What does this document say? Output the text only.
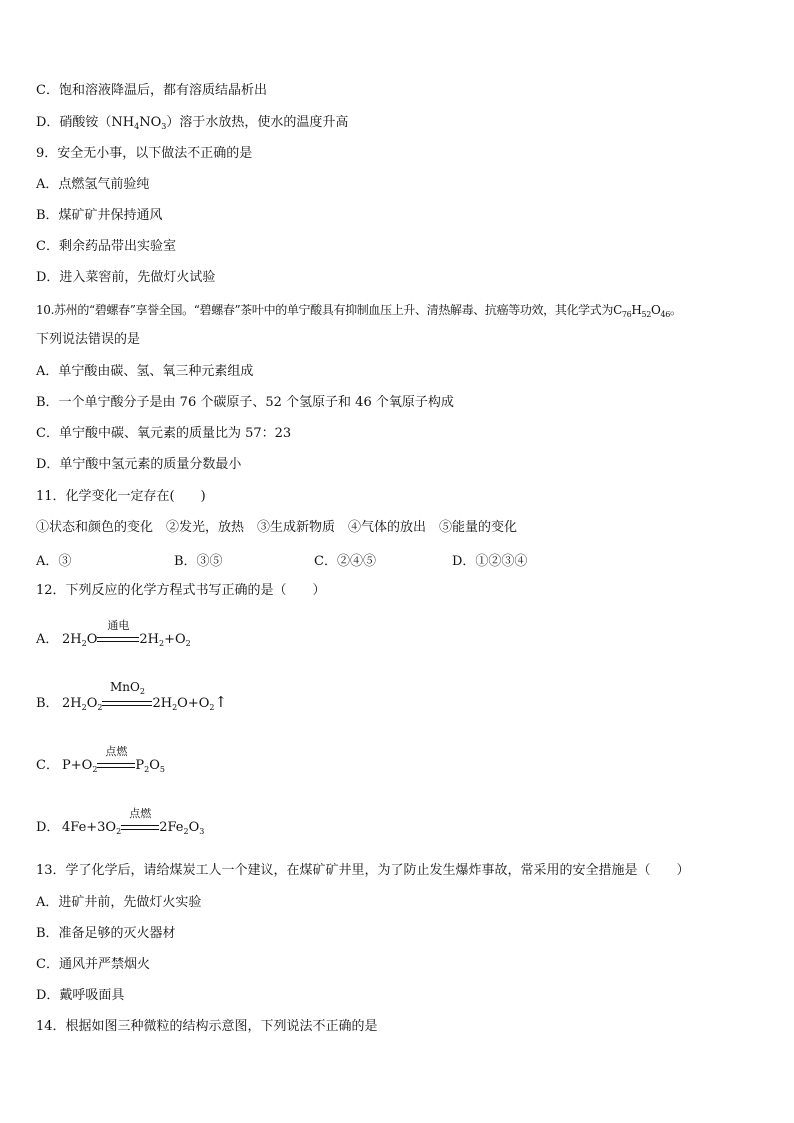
C．饱和溶液降温后，都有溶质结晶析出
D．硝酸铵$(NH_4NO_3)$溶于水放热，使水的温度升高
9．安全无小事，以下做法不正确的是
A．点燃氢气前验纯
B．煤矿矿井保持通风
C．剩余药品带出实验室
D．进入菜窖前，先做灯火试验
10.苏州的“碧螺春”享誉全国。“碧螺春”茶叶中的单宁酸具有抑制血压上升、清热解毒、抗癌等功效，其化学式为$C_{76}H_{52}O_{46}$。
下列说法错误的是
A．单宁酸由碳、氢、氧三种元素组成
B．一个单宁酸分子是由 76 个碳原子、52 个氢原子和 46 个氧原子构成
C．单宁酸中碳、氧元素的质量比为 57：23
D．单宁酸中氢元素的质量分数最小
11．化学变化一定存在(　　)
①状态和颜色的变化　②发光，放热　③生成新物质　④气体的放出　⑤能量的变化
A．③	B．③⑤	C．②④⑤	D．①②③④
12．下列反应的化学方程式书写正确的是（　　）
A． $2H_2O$
通电
$2H_2+O_2$
B． $2H_2O_2$
MnO$_2$
$2H_2O+O_2↑$
C． $P+O_2$
点燃
$P_2O_5$
D． $4Fe+3O_2$
点燃
$2Fe_2O_3$
13．学了化学后，请给煤炭工人一个建议，在煤矿矿井里，为了防止发生爆炸事故，常采用的安全措施是（　　）
A．进矿井前，先做灯火实验
B．准备足够的灭火器材
C．通风并严禁烟火
D．戴呼吸面具
14．根据如图三种微粒的结构示意图，下列说法不正确的是
